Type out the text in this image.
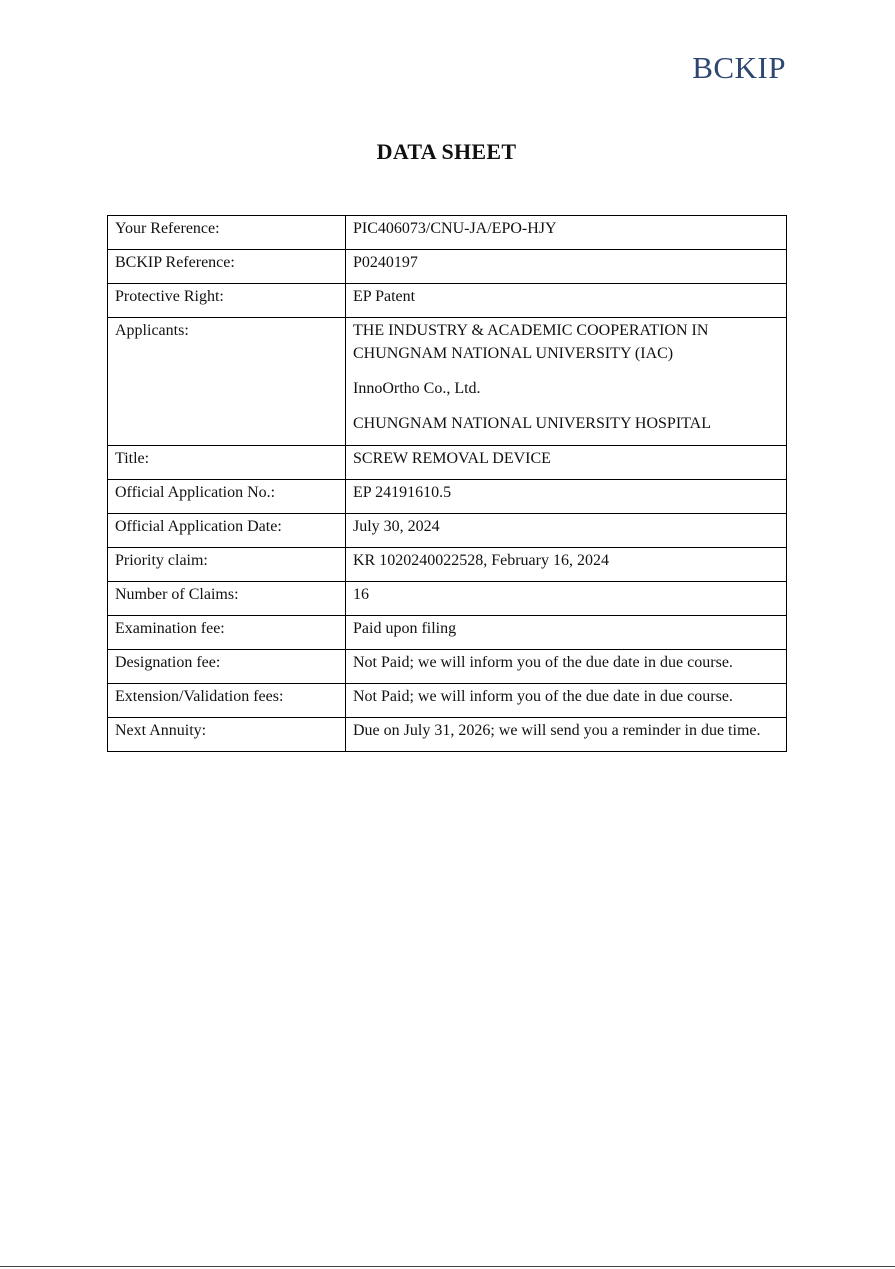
BCKIP
DATA SHEET
Your Reference:	PIC406073/CNU-JA/EPO-HJY
BCKIP Reference:	P0240197
Protective Right:	EP Patent
Applicants:	THE INDUSTRY & ACADEMIC COOPERATION IN CHUNGNAM NATIONAL UNIVERSITY (IAC)

InnoOrtho Co., Ltd.

CHUNGNAM NATIONAL UNIVERSITY HOSPITAL

Title:	SCREW REMOVAL DEVICE
Official Application No.:	EP 24191610.5
Official Application Date:	July 30, 2024
Priority claim:	KR 1020240022528, February 16, 2024
Number of Claims:	16
Examination fee:	Paid upon filing
Designation fee:	Not Paid; we will inform you of the due date in due course.
Extension/Validation fees:	Not Paid; we will inform you of the due date in due course.
Next Annuity:	Due on July 31, 2026; we will send you a reminder in due time.
